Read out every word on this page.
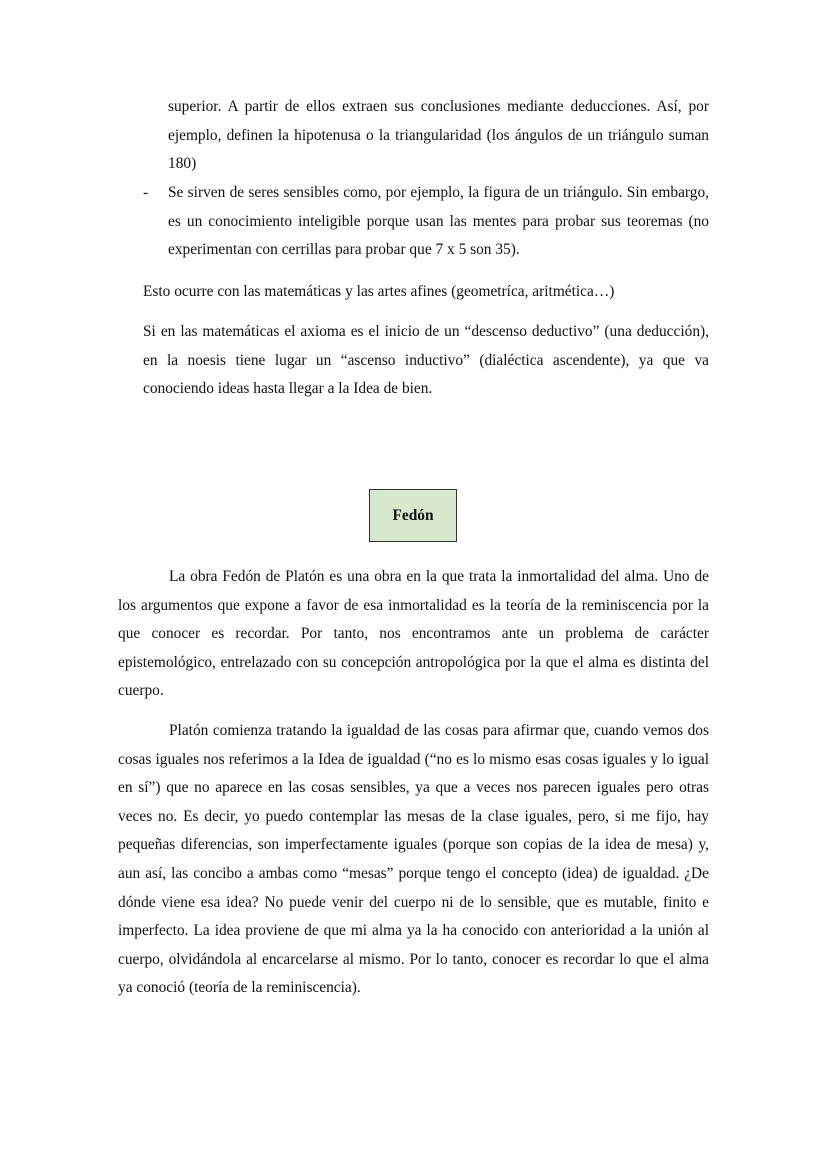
superior. A partir de ellos extraen sus conclusiones mediante deducciones. Así, por ejemplo, definen la hipotenusa o la triangularidad (los ángulos de un triángulo suman 180)

-	Se sirven de seres sensibles como, por ejemplo, la figura de un triángulo. Sin embargo, es un conocimiento inteligible porque usan las mentes para probar sus teoremas (no experimentan con cerrillas para probar que 7 x 5 son 35).

Esto ocurre con las matemáticas y las artes afines (geometríca, aritmética…)

Si en las matemáticas el axioma es el inicio de un “descenso deductivo” (una deducción), en la noesis tiene lugar un “ascenso inductivo” (dialéctica ascendente), ya que va conociendo ideas hasta llegar a la Idea de bien.

Fedón

La obra Fedón de Platón es una obra en la que trata la inmortalidad del alma. Uno de los argumentos que expone a favor de esa inmortalidad es la teoría de la reminiscencia por la que conocer es recordar. Por tanto, nos encontramos ante un problema de carácter epistemológico, entrelazado con su concepción antropológica por la que el alma es distinta del cuerpo.

Platón comienza tratando la igualdad de las cosas para afirmar que, cuando vemos dos cosas iguales nos referimos a la Idea de igualdad (“no es lo mismo esas cosas iguales y lo igual en sí”) que no aparece en las cosas sensibles, ya que a veces nos parecen iguales pero otras veces no. Es decir, yo puedo contemplar las mesas de la clase iguales, pero, si me fijo, hay pequeñas diferencias, son imperfectamente iguales (porque son copias de la idea de mesa) y, aun así, las concibo a ambas como “mesas” porque tengo el concepto (idea) de igualdad. ¿De dónde viene esa idea? No puede venir del cuerpo ni de lo sensible, que es mutable, finito e imperfecto. La idea proviene de que mi alma ya la ha conocido con anterioridad a la unión al cuerpo, olvidándola al encarcelarse al mismo. Por lo tanto, conocer es recordar lo que el alma ya conoció (teoría de la reminiscencia).
